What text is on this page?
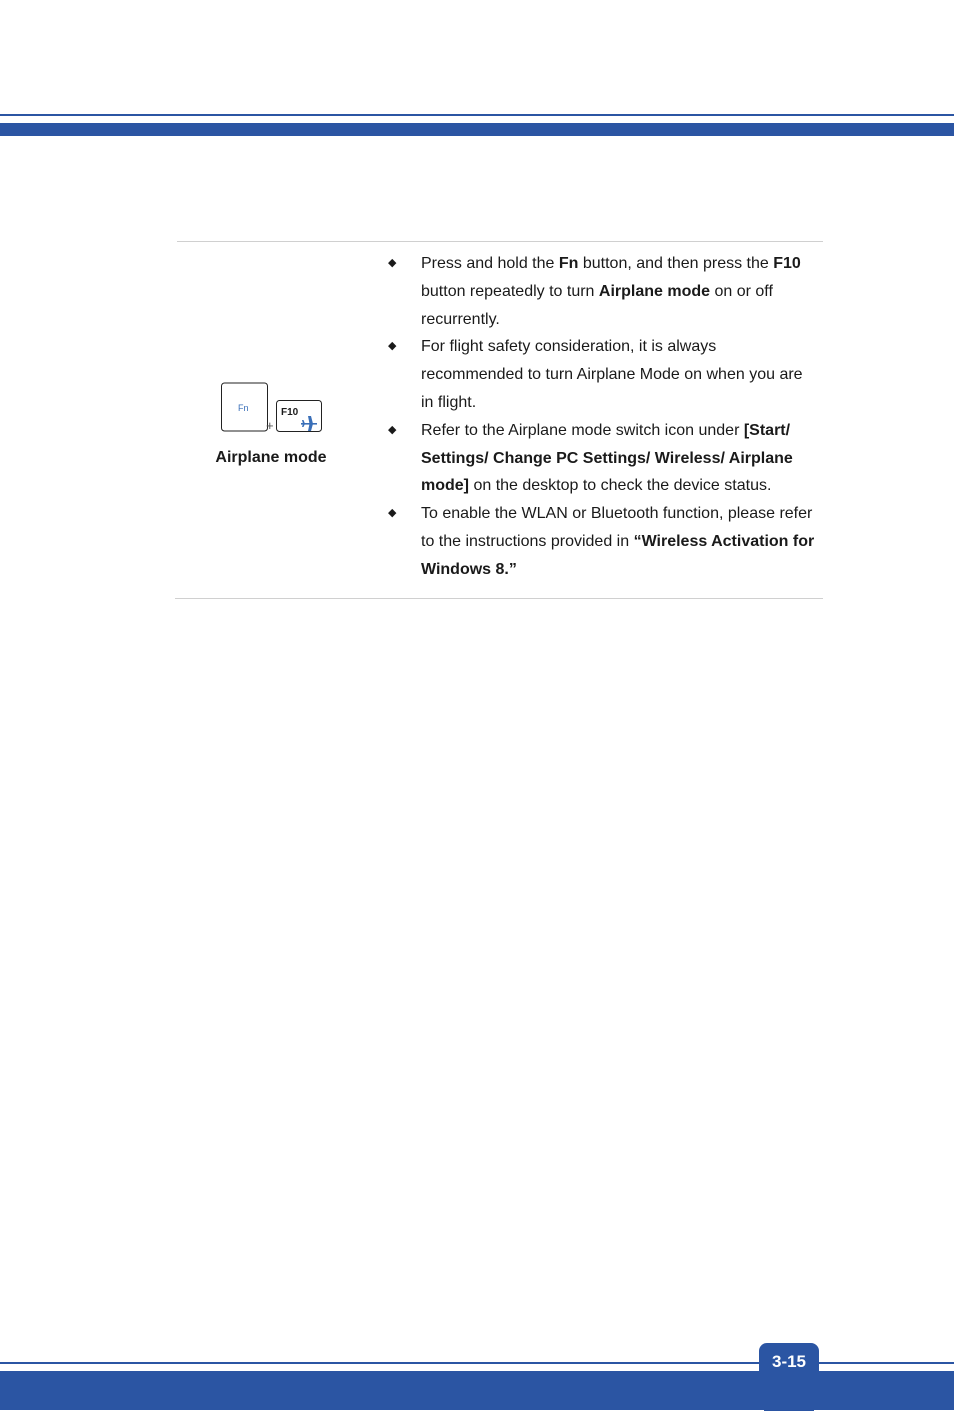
Fn
+
F10
Airplane mode
◆ Press and hold the Fn button, and then press the F10 button repeatedly to turn Airplane mode on or off recurrently.
◆ For flight safety consideration, it is always recommended to turn Airplane Mode on when you are in flight.
◆ Refer to the Airplane mode switch icon under [Start/ Settings/ Change PC Settings/ Wireless/ Airplane mode] on the desktop to check the device status.
◆ To enable the WLAN or Bluetooth function, please refer to the instructions provided in “Wireless Activation for Windows 8.”
3-15
